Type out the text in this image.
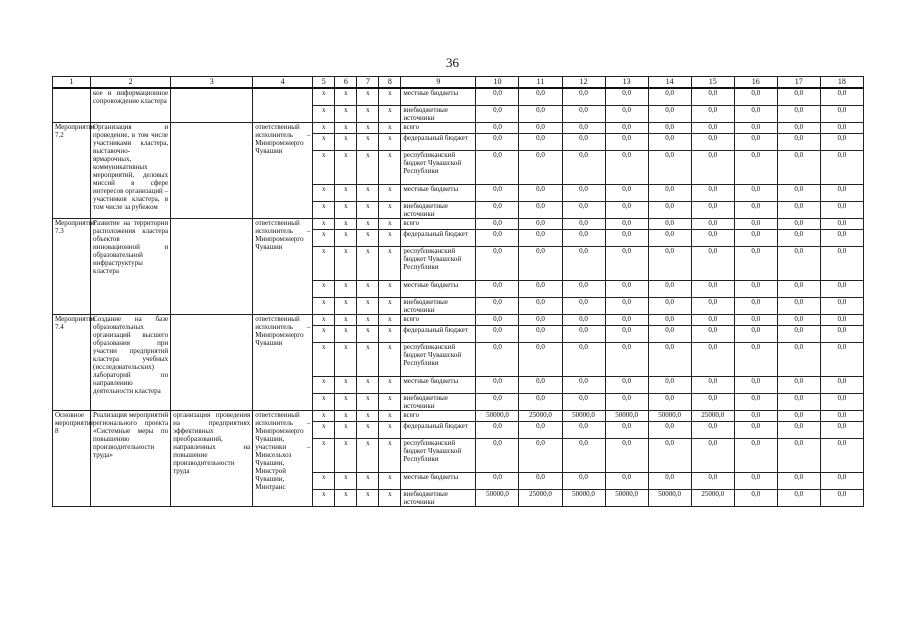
36
1	2	3	4	5	6	7	8	9	10	11	12	13	14	15	16	17	18
	кое и информационное сопровождение кластера			х	х	х	х	местные бюджеты	0,0	0,0	0,0	0,0	0,0	0,0	0,0	0,0	0,0
				х	х	х	х	внебюджетные источники	0,0	0,0	0,0	0,0	0,0	0,0	0,0	0,0	0,0
Мероприятие 7.2	Организация и проведение, в том числе участниками кластера, выставочно-ярмарочных, коммуникативных мероприятий, деловых миссий в сфере интересов организаций – участников кластера, в том числе за рубежом		ответственный исполнитель – Минпромэнерго Чувашии	х	х	х	х	всего	0,0	0,0	0,0	0,0	0,0	0,0	0,0	0,0	0,0
				х	х	х	х	федеральный бюджет	0,0	0,0	0,0	0,0	0,0	0,0	0,0	0,0	0,0
				х	х	х	х	республиканский бюджет Чувашской Республики	0,0	0,0	0,0	0,0	0,0	0,0	0,0	0,0	0,0
				х	х	х	х	местные бюджеты	0,0	0,0	0,0	0,0	0,0	0,0	0,0	0,0	0,0
				х	х	х	х	внебюджетные источники	0,0	0,0	0,0	0,0	0,0	0,0	0,0	0,0	0,0
Мероприятие 7.3	Развитие на территории расположения кластера объектов инновационной и образовательной инфраструктуры кластера		ответственный исполнитель – Минпромэнерго Чувашии	х	х	х	х	всего	0,0	0,0	0,0	0,0	0,0	0,0	0,0	0,0	0,0
				х	х	х	х	федеральный бюджет	0,0	0,0	0,0	0,0	0,0	0,0	0,0	0,0	0,0
				х	х	х	х	республиканский бюджет Чувашской Республики	0,0	0,0	0,0	0,0	0,0	0,0	0,0	0,0	0,0
				х	х	х	х	местные бюджеты	0,0	0,0	0,0	0,0	0,0	0,0	0,0	0,0	0,0
				х	х	х	х	внебюджетные источники	0,0	0,0	0,0	0,0	0,0	0,0	0,0	0,0	0,0
Мероприятие 7.4	Создание на базе образовательных организаций высшего образования при участии предприятий кластера учебных (исследовательских) лабораторий по направлению деятельности кластера		ответственный исполнитель – Минпромэнерго Чувашии	х	х	х	х	всего	0,0	0,0	0,0	0,0	0,0	0,0	0,0	0,0	0,0
				х	х	х	х	федеральный бюджет	0,0	0,0	0,0	0,0	0,0	0,0	0,0	0,0	0,0
				х	х	х	х	республиканский бюджет Чувашской Республики	0,0	0,0	0,0	0,0	0,0	0,0	0,0	0,0	0,0
				х	х	х	х	местные бюджеты	0,0	0,0	0,0	0,0	0,0	0,0	0,0	0,0	0,0
				х	х	х	х	внебюджетные источники	0,0	0,0	0,0	0,0	0,0	0,0	0,0	0,0	0,0
Основное мероприятие 8	Реализация мероприятий регионального проекта «Системные меры по повышению производительности труда»	организация проведения на предприятиях эффективных преобразований, направленных на повышение производительности труда	ответственный исполнитель – Минпромэнерго Чувашии, участники – Минсельхоз Чувашии, Минстрой Чувашии, Минтранс	х	х	х	х	всего	50000,0	25000,0	50000,0	50000,0	50000,0	25000,0	0,0	0,0	0,0
				х	х	х	х	федеральный бюджет	0,0	0,0	0,0	0,0	0,0	0,0	0,0	0,0	0,0
				х	х	х	х	республиканский бюджет Чувашской Республики	0,0	0,0	0,0	0,0	0,0	0,0	0,0	0,0	0,0
				х	х	х	х	местные бюджеты	0,0	0,0	0,0	0,0	0,0	0,0	0,0	0,0	0,0
				х	х	х	х	внебюджетные источники	50000,0	25000,0	50000,0	50000,0	50000,0	25000,0	0,0	0,0	0,0
